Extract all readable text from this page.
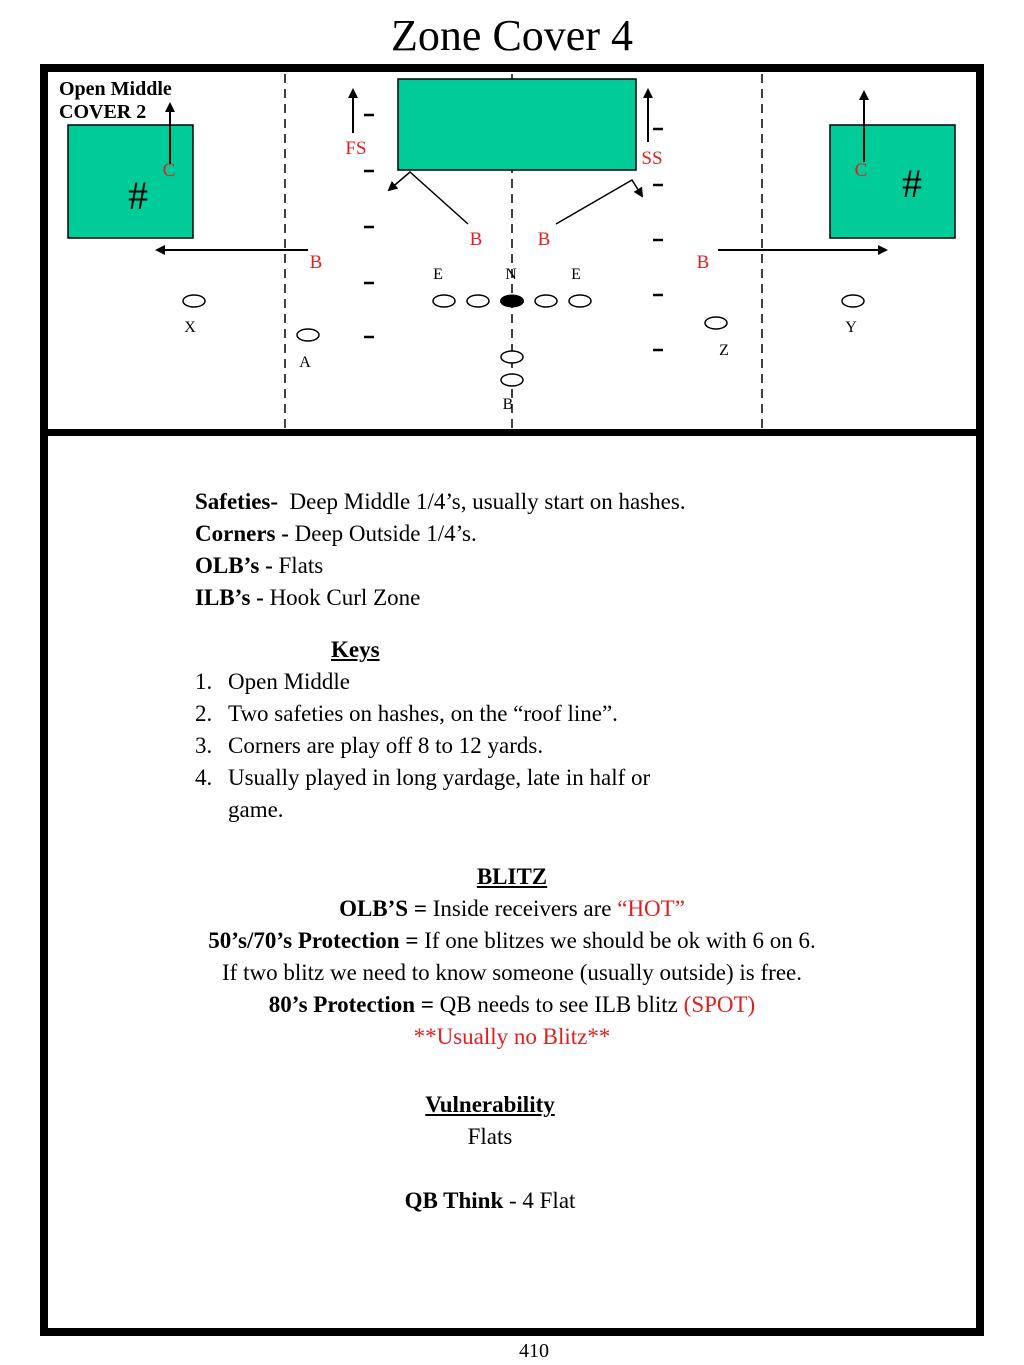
Zone Cover 4
#	#
FS	SS
C	C
B	B
B	B
E	N	E
X	Y
Z
A
B
Open Middle
COVER 2
Safeties- Deep Middle 1/4’s, usually start on hashes.
Corners - Deep Outside 1/4’s.
OLB’s - Flats
ILB’s - Hook Curl Zone
Keys
1. Open Middle
2. Two safeties on hashes, on the “roof line”.
3. Corners are play off 8 to 12 yards.
4. Usually played in long yardage, late in half or game.
BLITZ
OLB’S = Inside receivers are “HOT”
50’s/70’s Protection = If one blitzes we should be ok with 6 on 6.
If two blitz we need to know someone (usually outside) is free.
80’s Protection = QB needs to see ILB blitz (SPOT)
**Usually no Blitz**
Vulnerability
Flats
QB Think - 4 Flat
410
